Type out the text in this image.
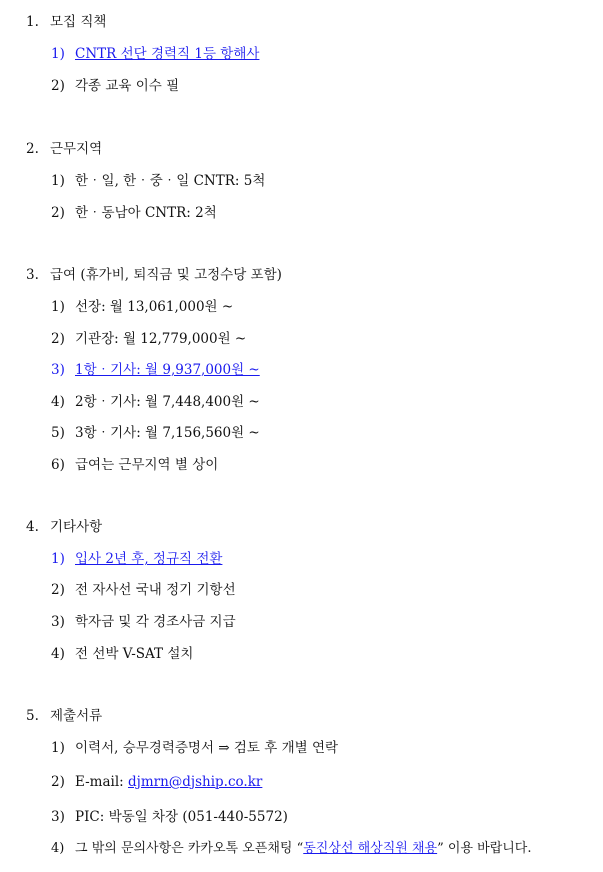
1. 모집 직책
1) CNTR 선단 경력직 1등 항해사
2) 각종 교육 이수 필
2. 근무지역
1) 한‧일, 한‧중‧일 CNTR: 5척
2) 한‧동남아 CNTR: 2척
3. 급여 (휴가비, 퇴직금 및 고정수당 포함)
1) 선장: 월 13,061,000원 ~
2) 기관장: 월 12,779,000원 ~
3) 1항‧기사: 월 9,937,000원 ~
4) 2항‧기사: 월 7,448,400원 ~
5) 3항‧기사: 월 7,156,560원 ~
6) 급여는 근무지역 별 상이
4. 기타사항
1) 입사 2년 후, 정규직 전환
2) 전 자사선 국내 정기 기항선
3) 학자금 및 각 경조사금 지급
4) 전 선박 V-SAT 설치
5. 제출서류
1) 이력서, 승무경력증명서 ⇒ 검토 후 개별 연락
2) E-mail: djmrn@djship.co.kr
3) PIC: 박동일 차장 (051-440-5572)
4) 그 밖의 문의사항은 카카오톡 오픈채팅 “동진상선 해상직원 채용” 이용 바랍니다.
